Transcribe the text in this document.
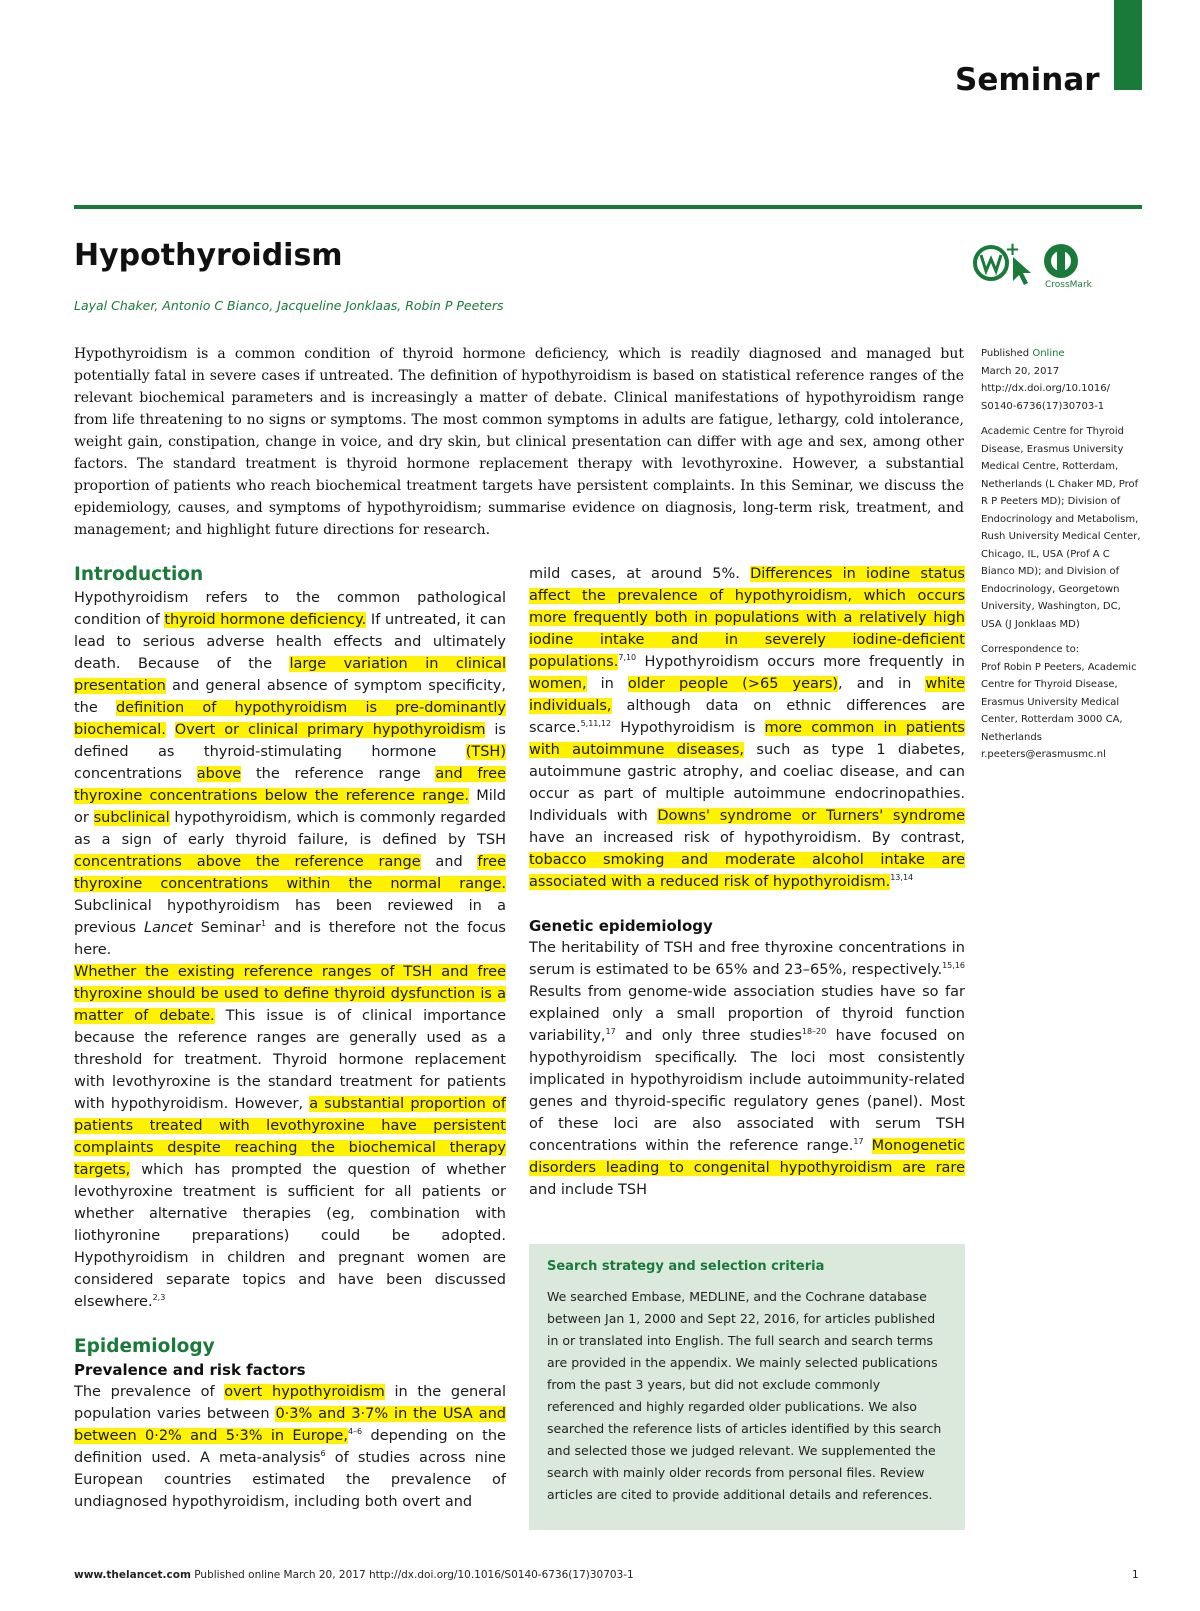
Seminar
Hypothyroidism
Layal Chaker, Antonio C Bianco, Jacqueline Jonklaas, Robin P Peeters
+
CrossMark
Hypothyroidism is a common condition of thyroid hormone deficiency, which is readily diagnosed and managed but potentially fatal in severe cases if untreated. The definition of hypothyroidism is based on statistical reference ranges of the relevant biochemical parameters and is increasingly a matter of debate. Clinical manifestations of hypothyroidism range from life threatening to no signs or symptoms. The most common symptoms in adults are fatigue, lethargy, cold intolerance, weight gain, constipation, change in voice, and dry skin, but clinical presentation can differ with age and sex, among other factors. The standard treatment is thyroid hormone replacement therapy with levothyroxine. However, a substantial proportion of patients who reach biochemical treatment targets have persistent complaints. In this Seminar, we discuss the epidemiology, causes, and symptoms of hypothyroidism; summarise evidence on diagnosis, long-term risk, treatment, and management; and highlight future directions for research.
Introduction

Hypothyroidism refers to the common pathological condition of thyroid hormone deficiency. If untreated, it can lead to serious adverse health effects and ultimately death. Because of the large variation in clinical presentation and general absence of symptom specificity, the definition of hypothyroidism is pre-dominantly biochemical. Overt or clinical primary hypothyroidism is defined as thyroid-stimulating hormone (TSH) concentrations above the reference range and free thyroxine concentrations below the reference range. Mild or subclinical hypothyroidism, which is commonly regarded as a sign of early thyroid failure, is defined by TSH concentrations above the reference range and free thyroxine concentrations within the normal range. Subclinical hypothyroidism has been reviewed in a previous Lancet Seminar$^1$ and is therefore not the focus here.

Whether the existing reference ranges of TSH and free thyroxine should be used to define thyroid dysfunction is a matter of debate. This issue is of clinical importance because the reference ranges are generally used as a threshold for treatment. Thyroid hormone replacement with levothyroxine is the standard treatment for patients with hypothyroidism. However, a substantial proportion of patients treated with levothyroxine have persistent complaints despite reaching the biochemical therapy targets, which has prompted the question of whether levothyroxine treatment is sufficient for all patients or whether alternative therapies (eg, combination with liothyronine preparations) could be adopted. Hypothyroidism in children and pregnant women are considered separate topics and have been discussed elsewhere.$^{2,3}$

Epidemiology
Prevalence and risk factors

The prevalence of overt hypothyroidism in the general population varies between 0·3% and 3·7% in the USA and between 0·2% and 5·3% in Europe,$^{4-6}$ depending on the definition used. A meta-analysis$^6$ of studies across nine European countries estimated the prevalence of undiagnosed hypothyroidism, including both overt and

mild cases, at around 5%. Differences in iodine status affect the prevalence of hypothyroidism, which occurs more frequently both in populations with a relatively high iodine intake and in severely iodine-deficient populations.$^{7,10}$ Hypothyroidism occurs more frequently in women, in older people (>65 years), and in white individuals, although data on ethnic differences are scarce.$^{5,11,12}$ Hypothyroidism is more common in patients with autoimmune diseases, such as type 1 diabetes, autoimmune gastric atrophy, and coeliac disease, and can occur as part of multiple autoimmune endocrinopathies. Individuals with Downs' syndrome or Turners' syndrome have an increased risk of hypothyroidism. By contrast, tobacco smoking and moderate alcohol intake are associated with a reduced risk of hypothyroidism.$^{13,14}$

Genetic epidemiology

The heritability of TSH and free thyroxine concentrations in serum is estimated to be 65% and 23–65%, respectively.$^{15,16}$ Results from genome-wide association studies have so far explained only a small proportion of thyroid function variability,$^{17}$ and only three studies$^{18-20}$ have focused on hypothyroidism specifically. The loci most consistently implicated in hypothyroidism include autoimmunity-related genes and thyroid-specific regulatory genes (panel). Most of these loci are also associated with serum TSH concentrations within the reference range.$^{17}$ Monogenetic disorders leading to congenital hypothyroidism are rare and include TSH

Search strategy and selection criteria

We searched Embase, MEDLINE, and the Cochrane database between Jan 1, 2000 and Sept 22, 2016, for articles published in or translated into English. The full search and search terms are provided in the appendix. We mainly selected publications from the past 3 years, but did not exclude commonly referenced and highly regarded older publications. We also searched the reference lists of articles identified by this search and selected those we judged relevant. We supplemented the search with mainly older records from personal files. Review articles are cited to provide additional details and references.

Published Online
March 20, 2017
http://dx.doi.org/10.1016/
S0140-6736(17)30703-1

Academic Centre for Thyroid Disease, Erasmus University Medical Centre, Rotterdam, Netherlands (L Chaker MD, Prof R P Peeters MD); Division of Endocrinology and Metabolism, Rush University Medical Center, Chicago, IL, USA (Prof A C Bianco MD); and Division of Endocrinology, Georgetown University, Washington, DC, USA (J Jonklaas MD)

Correspondence to:
Prof Robin P Peeters, Academic Centre for Thyroid Disease, Erasmus University Medical Center, Rotterdam 3000 CA, Netherlands
r.peeters@erasmusmc.nl

www.thelancet.com Published online March 20, 2017 http://dx.doi.org/10.1016/S0140-6736(17)30703-1	1
